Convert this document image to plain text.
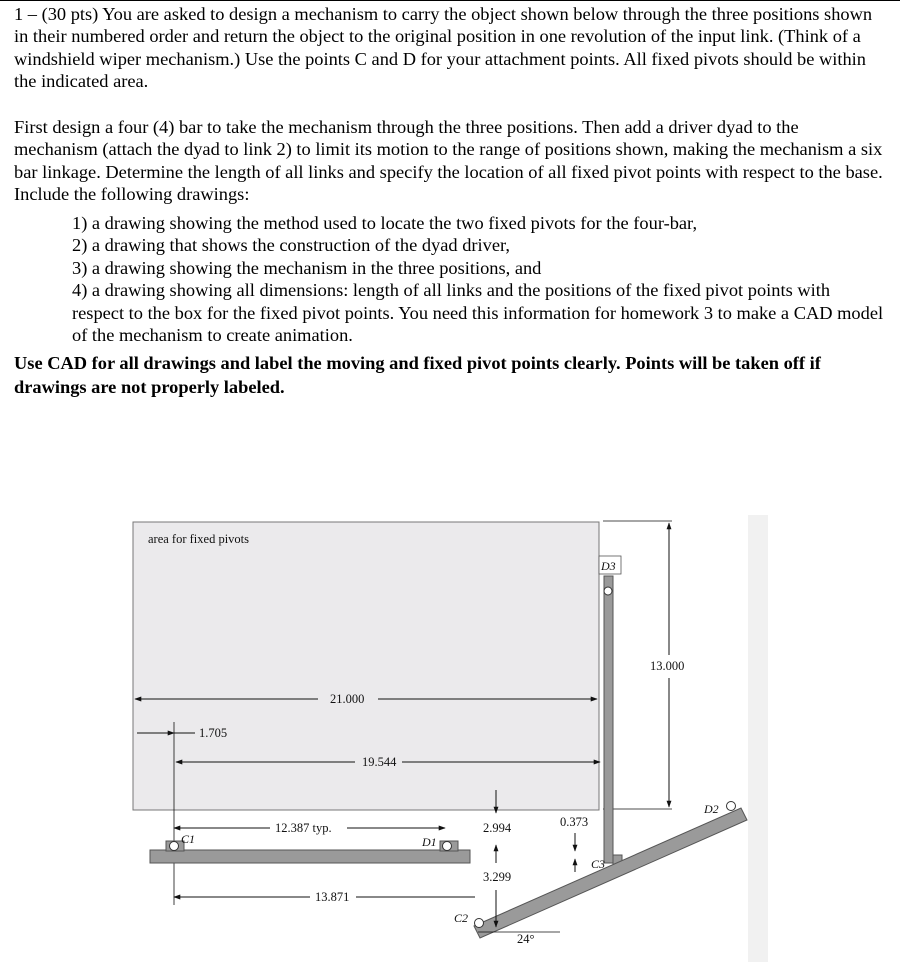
1 – (30 pts) You are asked to design a mechanism to carry the object shown below through the three positions shown in their numbered order and return the object to the original position in one revolution of the input link. (Think of a windshield wiper mechanism.) Use the points C and D for your attachment points. All fixed pivots should be within the indicated area.
First design a four (4) bar to take the mechanism through the three positions. Then add a driver dyad to the mechanism (attach the dyad to link 2) to limit its motion to the range of positions shown, making the mechanism a six bar linkage. Determine the length of all links and specify the location of all fixed pivot points with respect to the base. Include the following drawings:
1) a drawing showing the method used to locate the two fixed pivots for the four-bar,
2) a drawing that shows the construction of the dyad driver,
3) a drawing showing the mechanism in the three positions, and
4) a drawing showing all dimensions: length of all links and the positions of the fixed pivot points with respect to the box for the fixed pivot points. You need this information for homework 3 to make a CAD model of the mechanism to create animation.
Use CAD for all drawings and label the moving and fixed pivot points clearly. Points will be taken off if drawings are not properly labeled.
area for fixed pivots
21.000
1.705
19.544
13.000
C1	D1
12.387 typ.
13.871
D3
C3
C2
D2
24°
2.994
3.299
0.373
